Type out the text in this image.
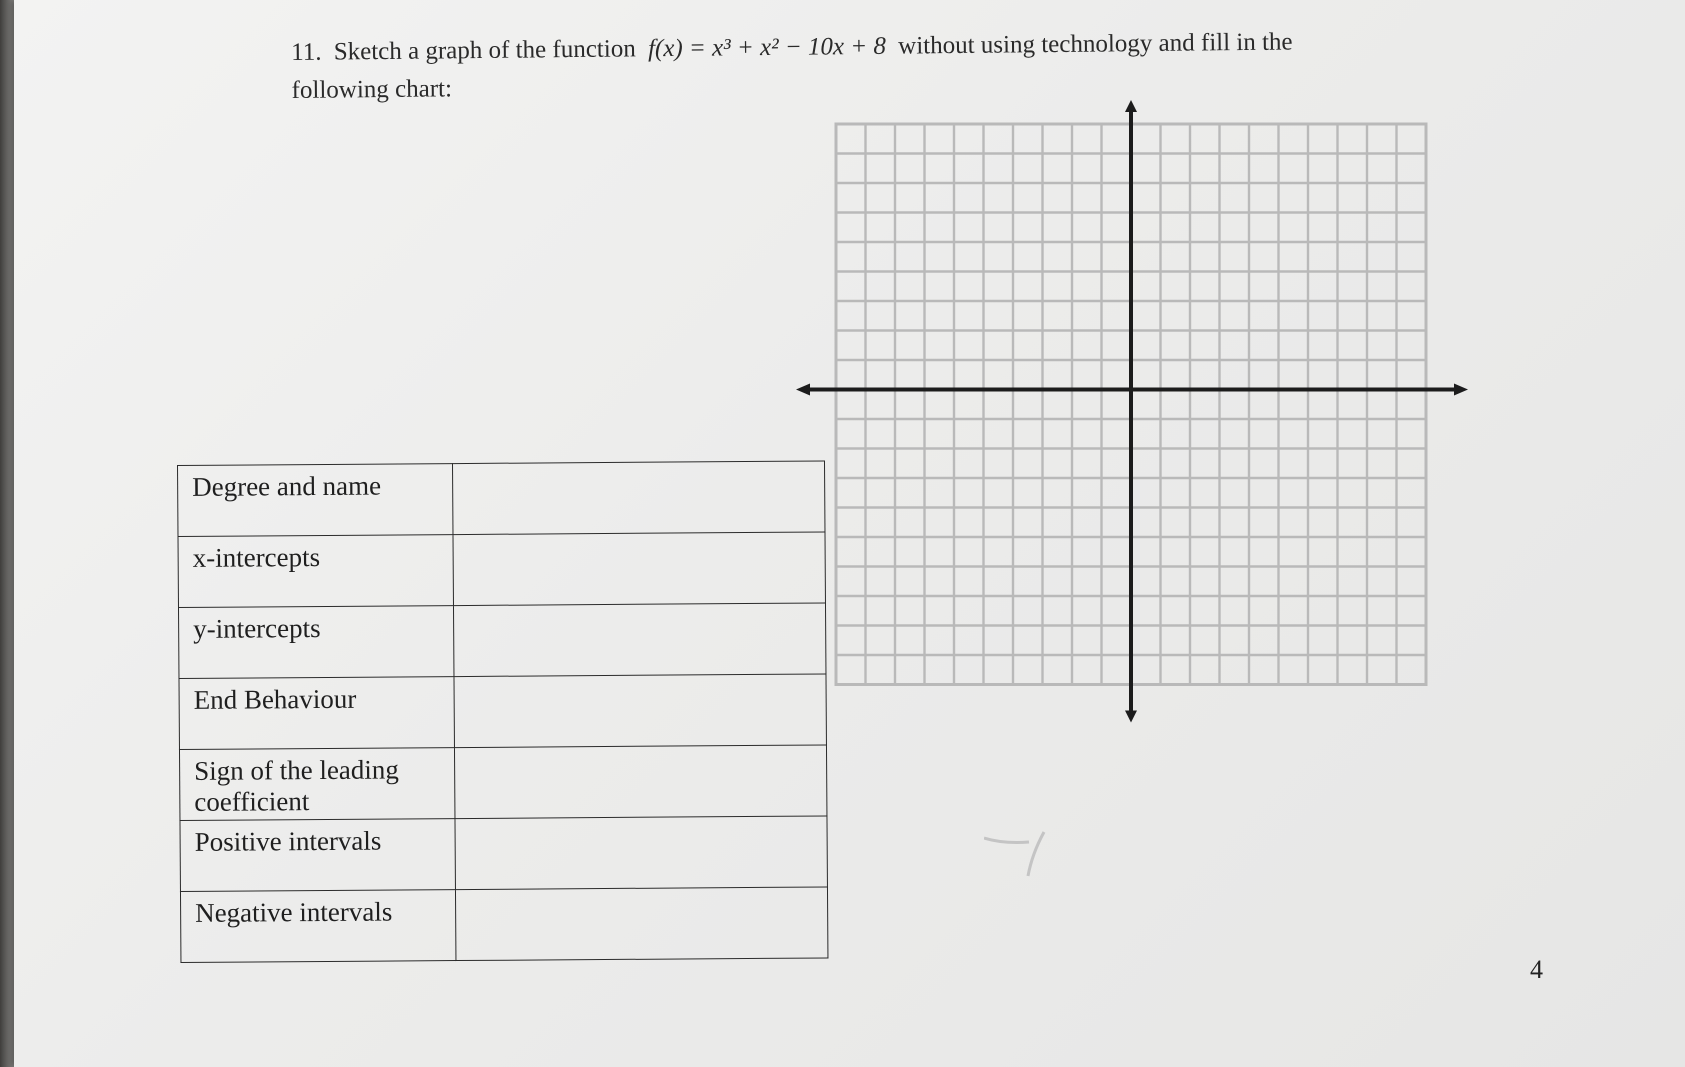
11. Sketch a graph of the function f(x) = x³ + x² − 10x + 8 without using technology and fill in the
following chart:
Degree and name	
x-intercepts	
y-intercepts	
End Behaviour	
Sign of the leading coefficient	
Positive intervals	
Negative intervals	
4
